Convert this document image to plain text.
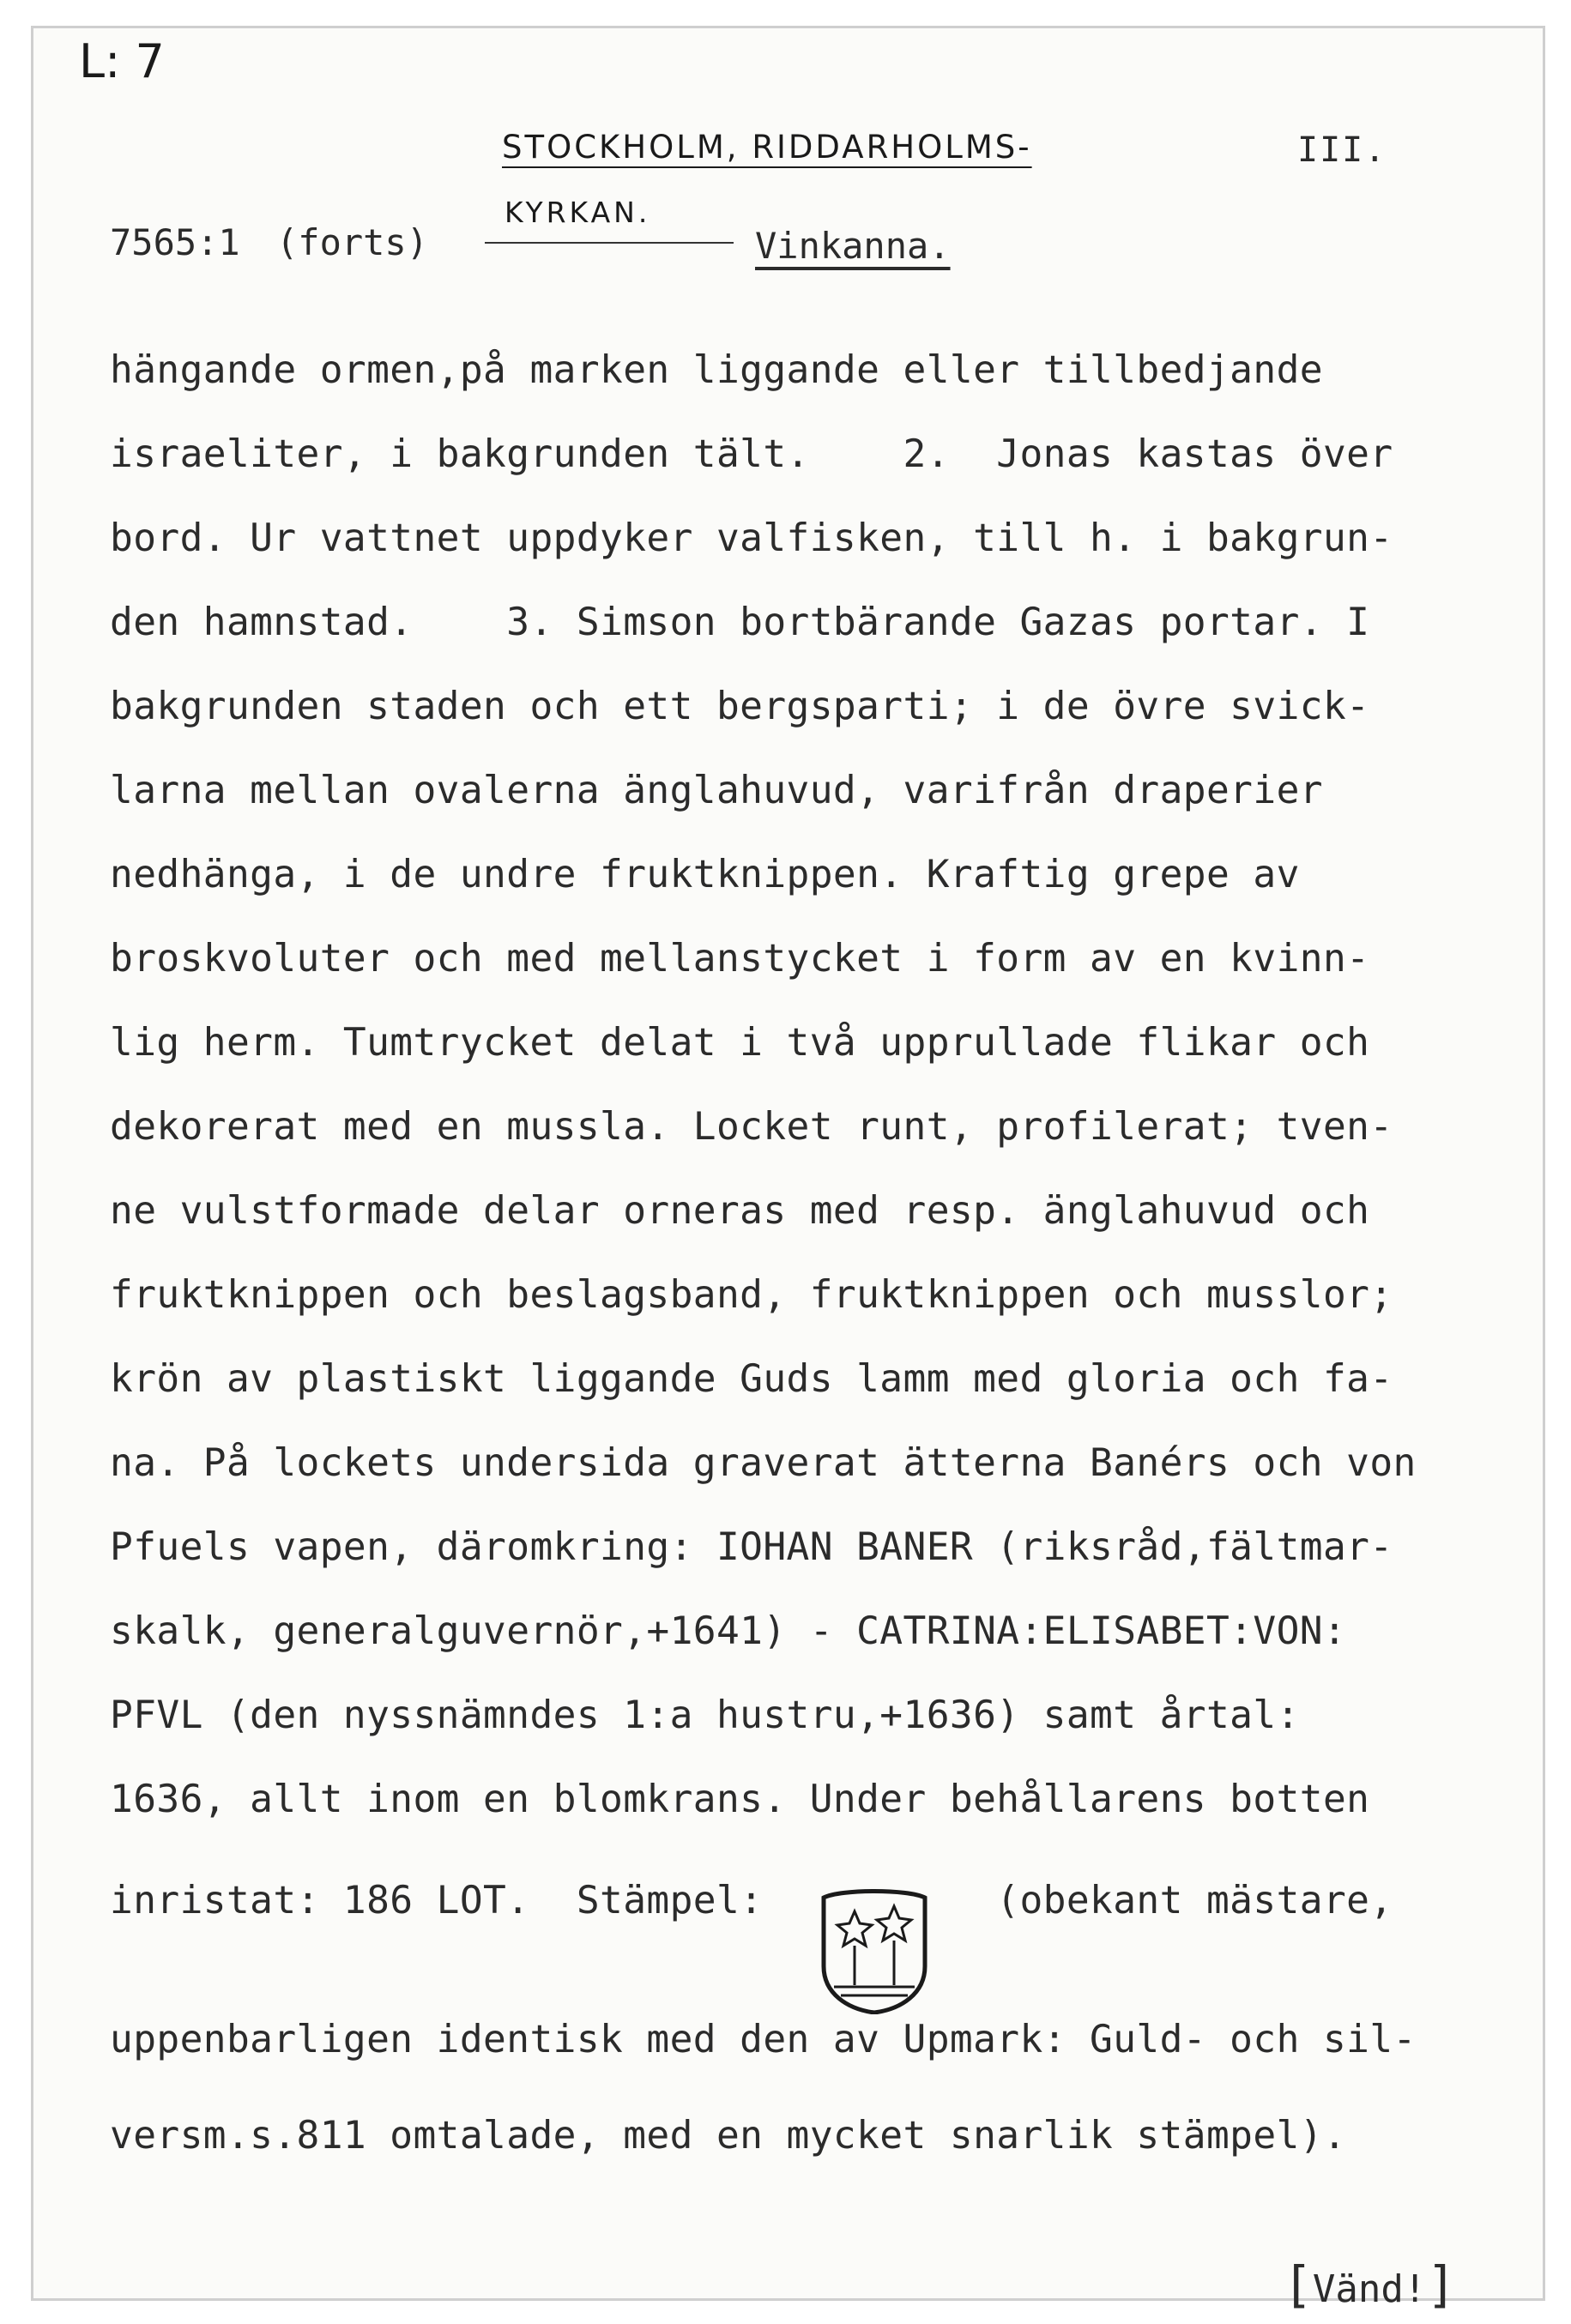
L: 7
STOCKHOLM, RIDDARHOLMS-
KYRKAN.
III.
7565:1 (forts)	Vinkanna.
hängande ormen,på marken liggande eller tillbedjande
israeliter, i bakgrunden tält.    2.  Jonas kastas över
bord. Ur vattnet uppdyker valfisken, till h. i bakgrun-
den hamnstad.    3. Simson bortbärande Gazas portar. I
bakgrunden staden och ett bergsparti; i de övre svick-
larna mellan ovalerna änglahuvud, varifrån draperier
nedhänga, i de undre fruktknippen. Kraftig grepe av
broskvoluter och med mellanstycket i form av en kvinn-
lig herm. Tumtrycket delat i två upprullade flikar och
dekorerat med en mussla. Locket runt, profilerat; tven-
ne vulstformade delar orneras med resp. änglahuvud och
fruktknippen och beslagsband, fruktknippen och musslor;
krön av plastiskt liggande Guds lamm med gloria och fa-
na. På lockets undersida graverat ätterna Banérs och von
Pfuels vapen, däromkring: IOHAN BANER (riksråd,fältmar-
skalk, generalguvernör,+1641) - CATRINA:ELISABET:VON:
PFVL (den nyssnämndes 1:a hustru,+1636) samt årtal:
1636, allt inom en blomkrans. Under behållarens botten
inristat: 186 LOT.  Stämpel:          (obekant mästare,
uppenbarligen identisk med den av Upmark: Guld- och sil-
versm.s.811 omtalade, med en mycket snarlik stämpel).

[Vänd!]
